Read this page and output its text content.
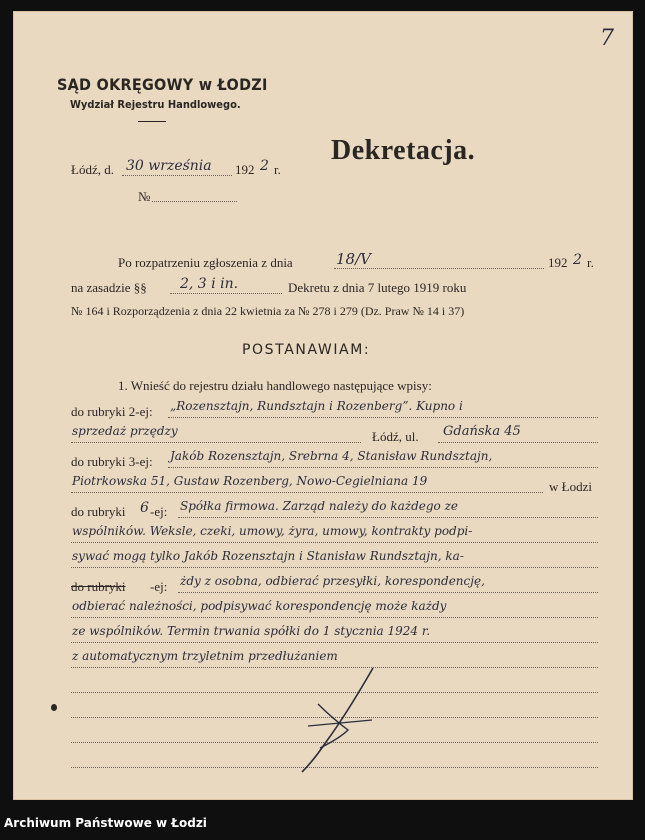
7
SĄD OKRĘGOWY w ŁODZI
Wydział Rejestru Handlowego.
Dekretacja.
Łódź, d. 30 września 192 2 r.
№
Po rozpatrzeniu zgłoszenia z dnia	18/V	192 2 r.
na zasadzie §§ 2, 3 i in.	Dekretu z dnia 7 lutego 1919 roku
№ 164 i Rozporządzenia z dnia 22 kwietnia za № 278 i 279 (Dz. Praw № 14 i 37)
POSTANAWIAM:
1. Wnieść do rejestru działu handlowego następujące wpisy:
do rubryki 2-ej: „Rozensztajn, Rundsztajn i Rozenberg”. Kupno i
sprzedaż przędzy	Łódź, ul. Gdańska 45
do rubryki 3-ej: Jakób Rozensztajn, Srebrna 4, Stanisław Rundsztajn,
Piotrkowska 51, Gustaw Rozenberg, Nowo-Cegielniana 19	w Łodzi
do rubryki 6 -ej: Spółka firmowa. Zarząd należy do każdego ze
wspólników. Weksle, czeki, umowy, żyra, umowy, kontrakty podpi-
sywać mogą tylko Jakób Rozensztajn i Stanisław Rundsztajn, ka-
do rubryki -ej: żdy z osobna, odbierać przesyłki, korespondencję,
odbierać należności, podpisywać korespondencję może każdy
ze wspólników. Termin trwania spółki do 1 stycznia 1924 r.
z automatycznym trzyletnim przedłużaniem
Archiwum Państwowe w Łodzi
